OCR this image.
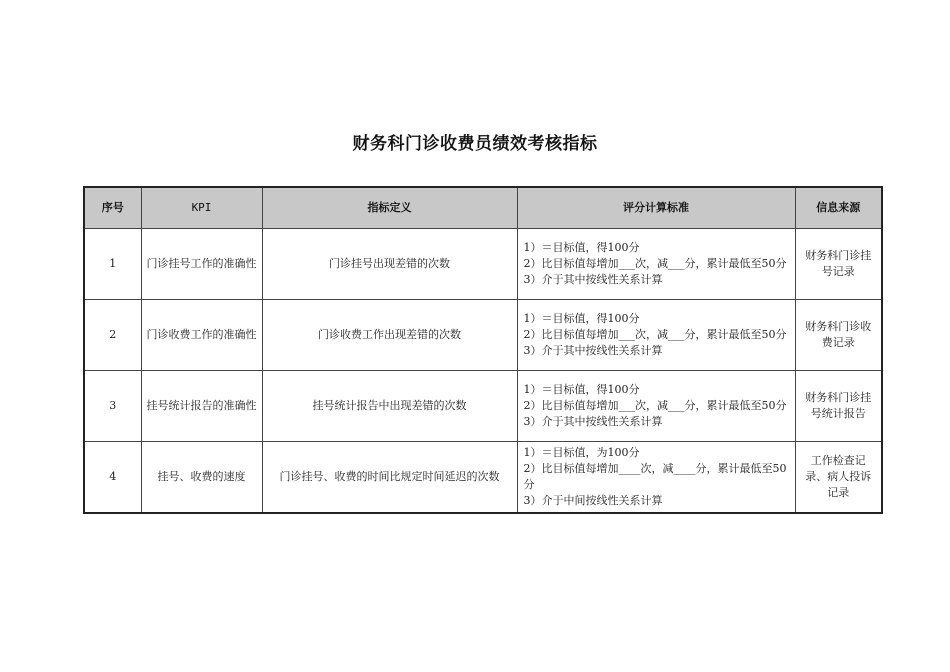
财务科门诊收费员绩效考核指标
序号	KPI	指标定义	评分计算标准	信息来源
1	门诊挂号工作的准确性	门诊挂号出现差错的次数	1）＝目标值，得100分
2）比目标值每增加___次，减___分，累计最低至50分
3）介于其中按线性关系计算	财务科门诊挂号记录
2	门诊收费工作的准确性	门诊收费工作出现差错的次数	1）＝目标值，得100分
2）比目标值每增加___次，减___分，累计最低至50分
3）介于其中按线性关系计算	财务科门诊收费记录
3	挂号统计报告的准确性	挂号统计报告中出现差错的次数	1）＝目标值，得100分
2）比目标值每增加___次，减___分，累计最低至50分
3）介于其中按线性关系计算	财务科门诊挂号统计报告
4	挂号、收费的速度	门诊挂号、收费的时间比规定时间延迟的次数	1）＝目标值，为100分
2）比目标值每增加____次，减____分，累计最低至50分
3）介于中间按线性关系计算	工作检查记录、病人投诉记录
